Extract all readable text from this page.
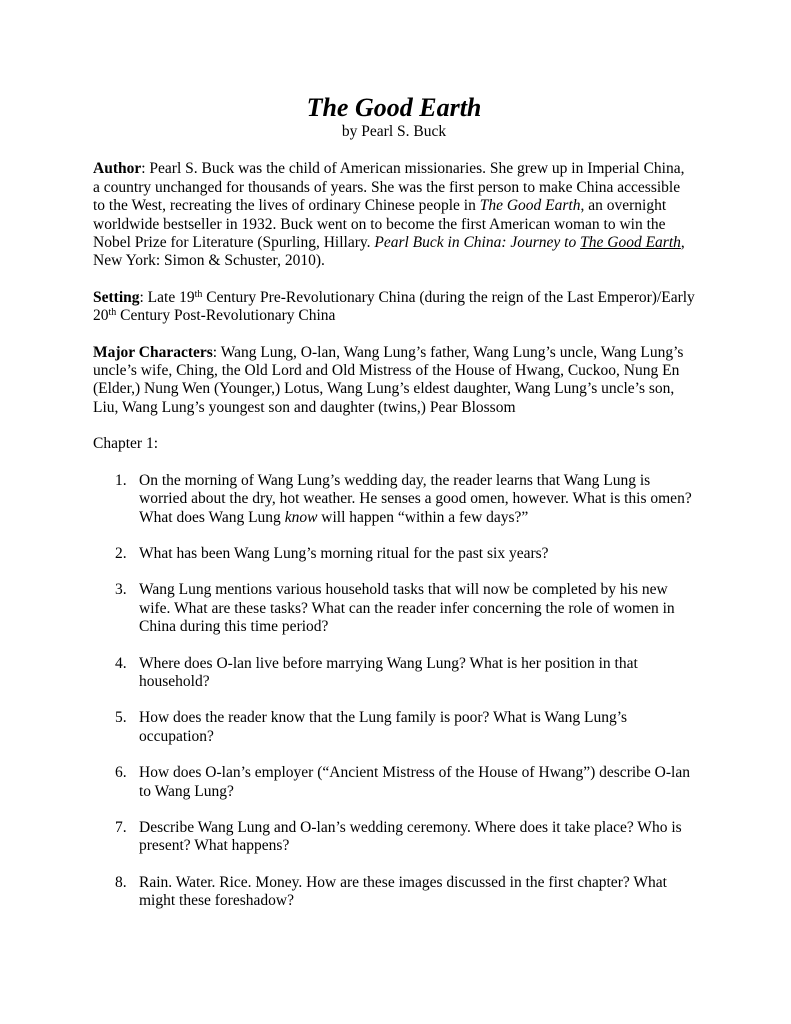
The Good Earth
by Pearl S. Buck

Author: Pearl S. Buck was the child of American missionaries. She grew up in Imperial China, a country unchanged for thousands of years. She was the first person to make China accessible to the West, recreating the lives of ordinary Chinese people in The Good Earth, an overnight worldwide bestseller in 1932. Buck went on to become the first American woman to win the Nobel Prize for Literature (Spurling, Hillary. Pearl Buck in China: Journey to The Good Earth, New York: Simon & Schuster, 2010).

Setting: Late 19th Century Pre-Revolutionary China (during the reign of the Last Emperor)/Early 20th Century Post-Revolutionary China

Major Characters: Wang Lung, O-lan, Wang Lung’s father, Wang Lung’s uncle, Wang Lung’s uncle’s wife, Ching, the Old Lord and Old Mistress of the House of Hwang, Cuckoo, Nung En (Elder,) Nung Wen (Younger,) Lotus, Wang Lung’s eldest daughter, Wang Lung’s uncle’s son, Liu, Wang Lung’s youngest son and daughter (twins,) Pear Blossom

Chapter 1:

1. On the morning of Wang Lung’s wedding day, the reader learns that Wang Lung is worried about the dry, hot weather. He senses a good omen, however. What is this omen? What does Wang Lung know will happen “within a few days?”
2. What has been Wang Lung’s morning ritual for the past six years?
3. Wang Lung mentions various household tasks that will now be completed by his new wife. What are these tasks? What can the reader infer concerning the role of women in China during this time period?
4. Where does O-lan live before marrying Wang Lung? What is her position in that household?
5. How does the reader know that the Lung family is poor? What is Wang Lung’s occupation?
6. How does O-lan’s employer (“Ancient Mistress of the House of Hwang”) describe O-lan to Wang Lung?
7. Describe Wang Lung and O-lan’s wedding ceremony. Where does it take place? Who is present? What happens?
8. Rain. Water. Rice. Money. How are these images discussed in the first chapter? What might these foreshadow?
